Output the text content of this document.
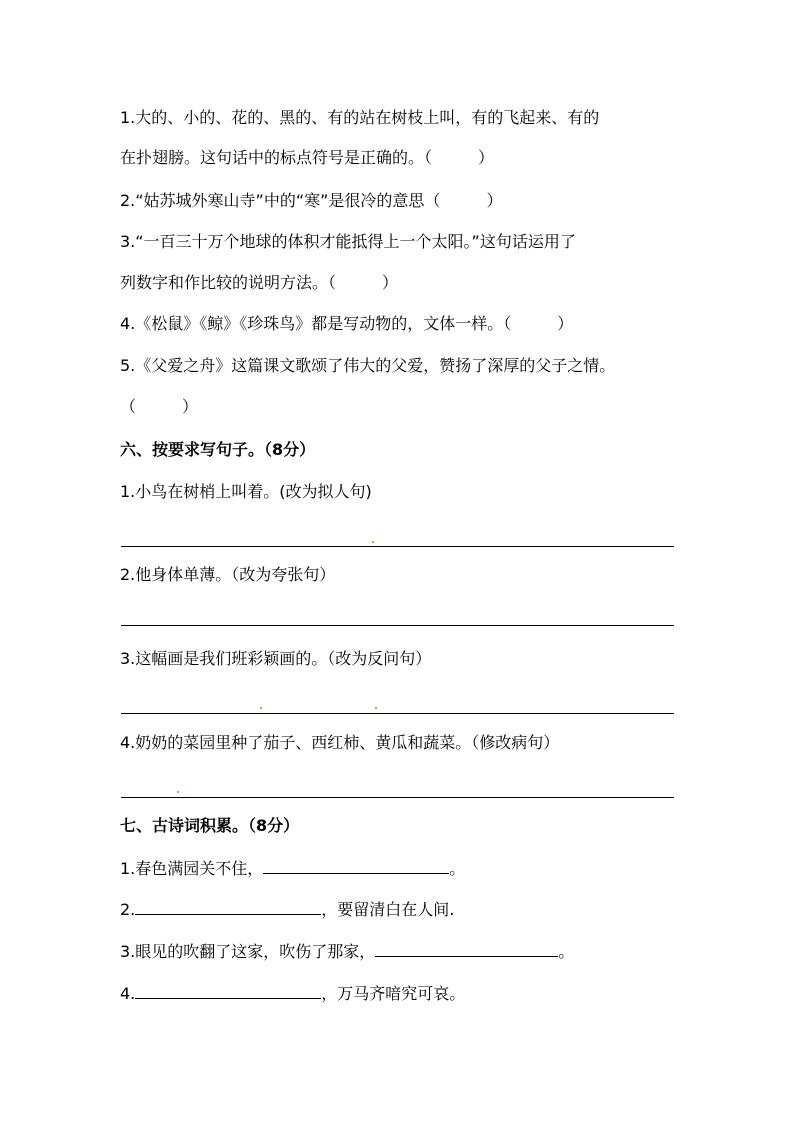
1.大的、小的、花的、黑的、有的站在树枝上叫，有的飞起来、有的
在扑翅膀。这句话中的标点符号是正确的。（	）
2.“姑苏城外寒山寺”中的“寒”是很冷的意思（	）
3.“一百三十万个地球的体积才能抵得上一个太阳。”这句话运用了
列数字和作比较的说明方法。（	）
4.《松鼠》《鲸》《珍珠鸟》都是写动物的，文体一样。（	）
5.《父爱之舟》这篇课文歌颂了伟大的父爱，赞扬了深厚的父子之情。
（	）
六、按要求写句子。（8分）
1.小鸟在树梢上叫着。(改为拟人句)
2.他身体单薄。（改为夸张句）
3.这幅画是我们班彩颖画的。（改为反问句）
4.奶奶的菜园里种了茄子、西红柿、黄瓜和蔬菜。（修改病句）
七、古诗词积累。（8分）
1.春色满园关不住，	。
2.	，要留清白在人间.
3.眼见的吹翻了这家，吹伤了那家，	。
4.	，万马齐喑究可哀。
